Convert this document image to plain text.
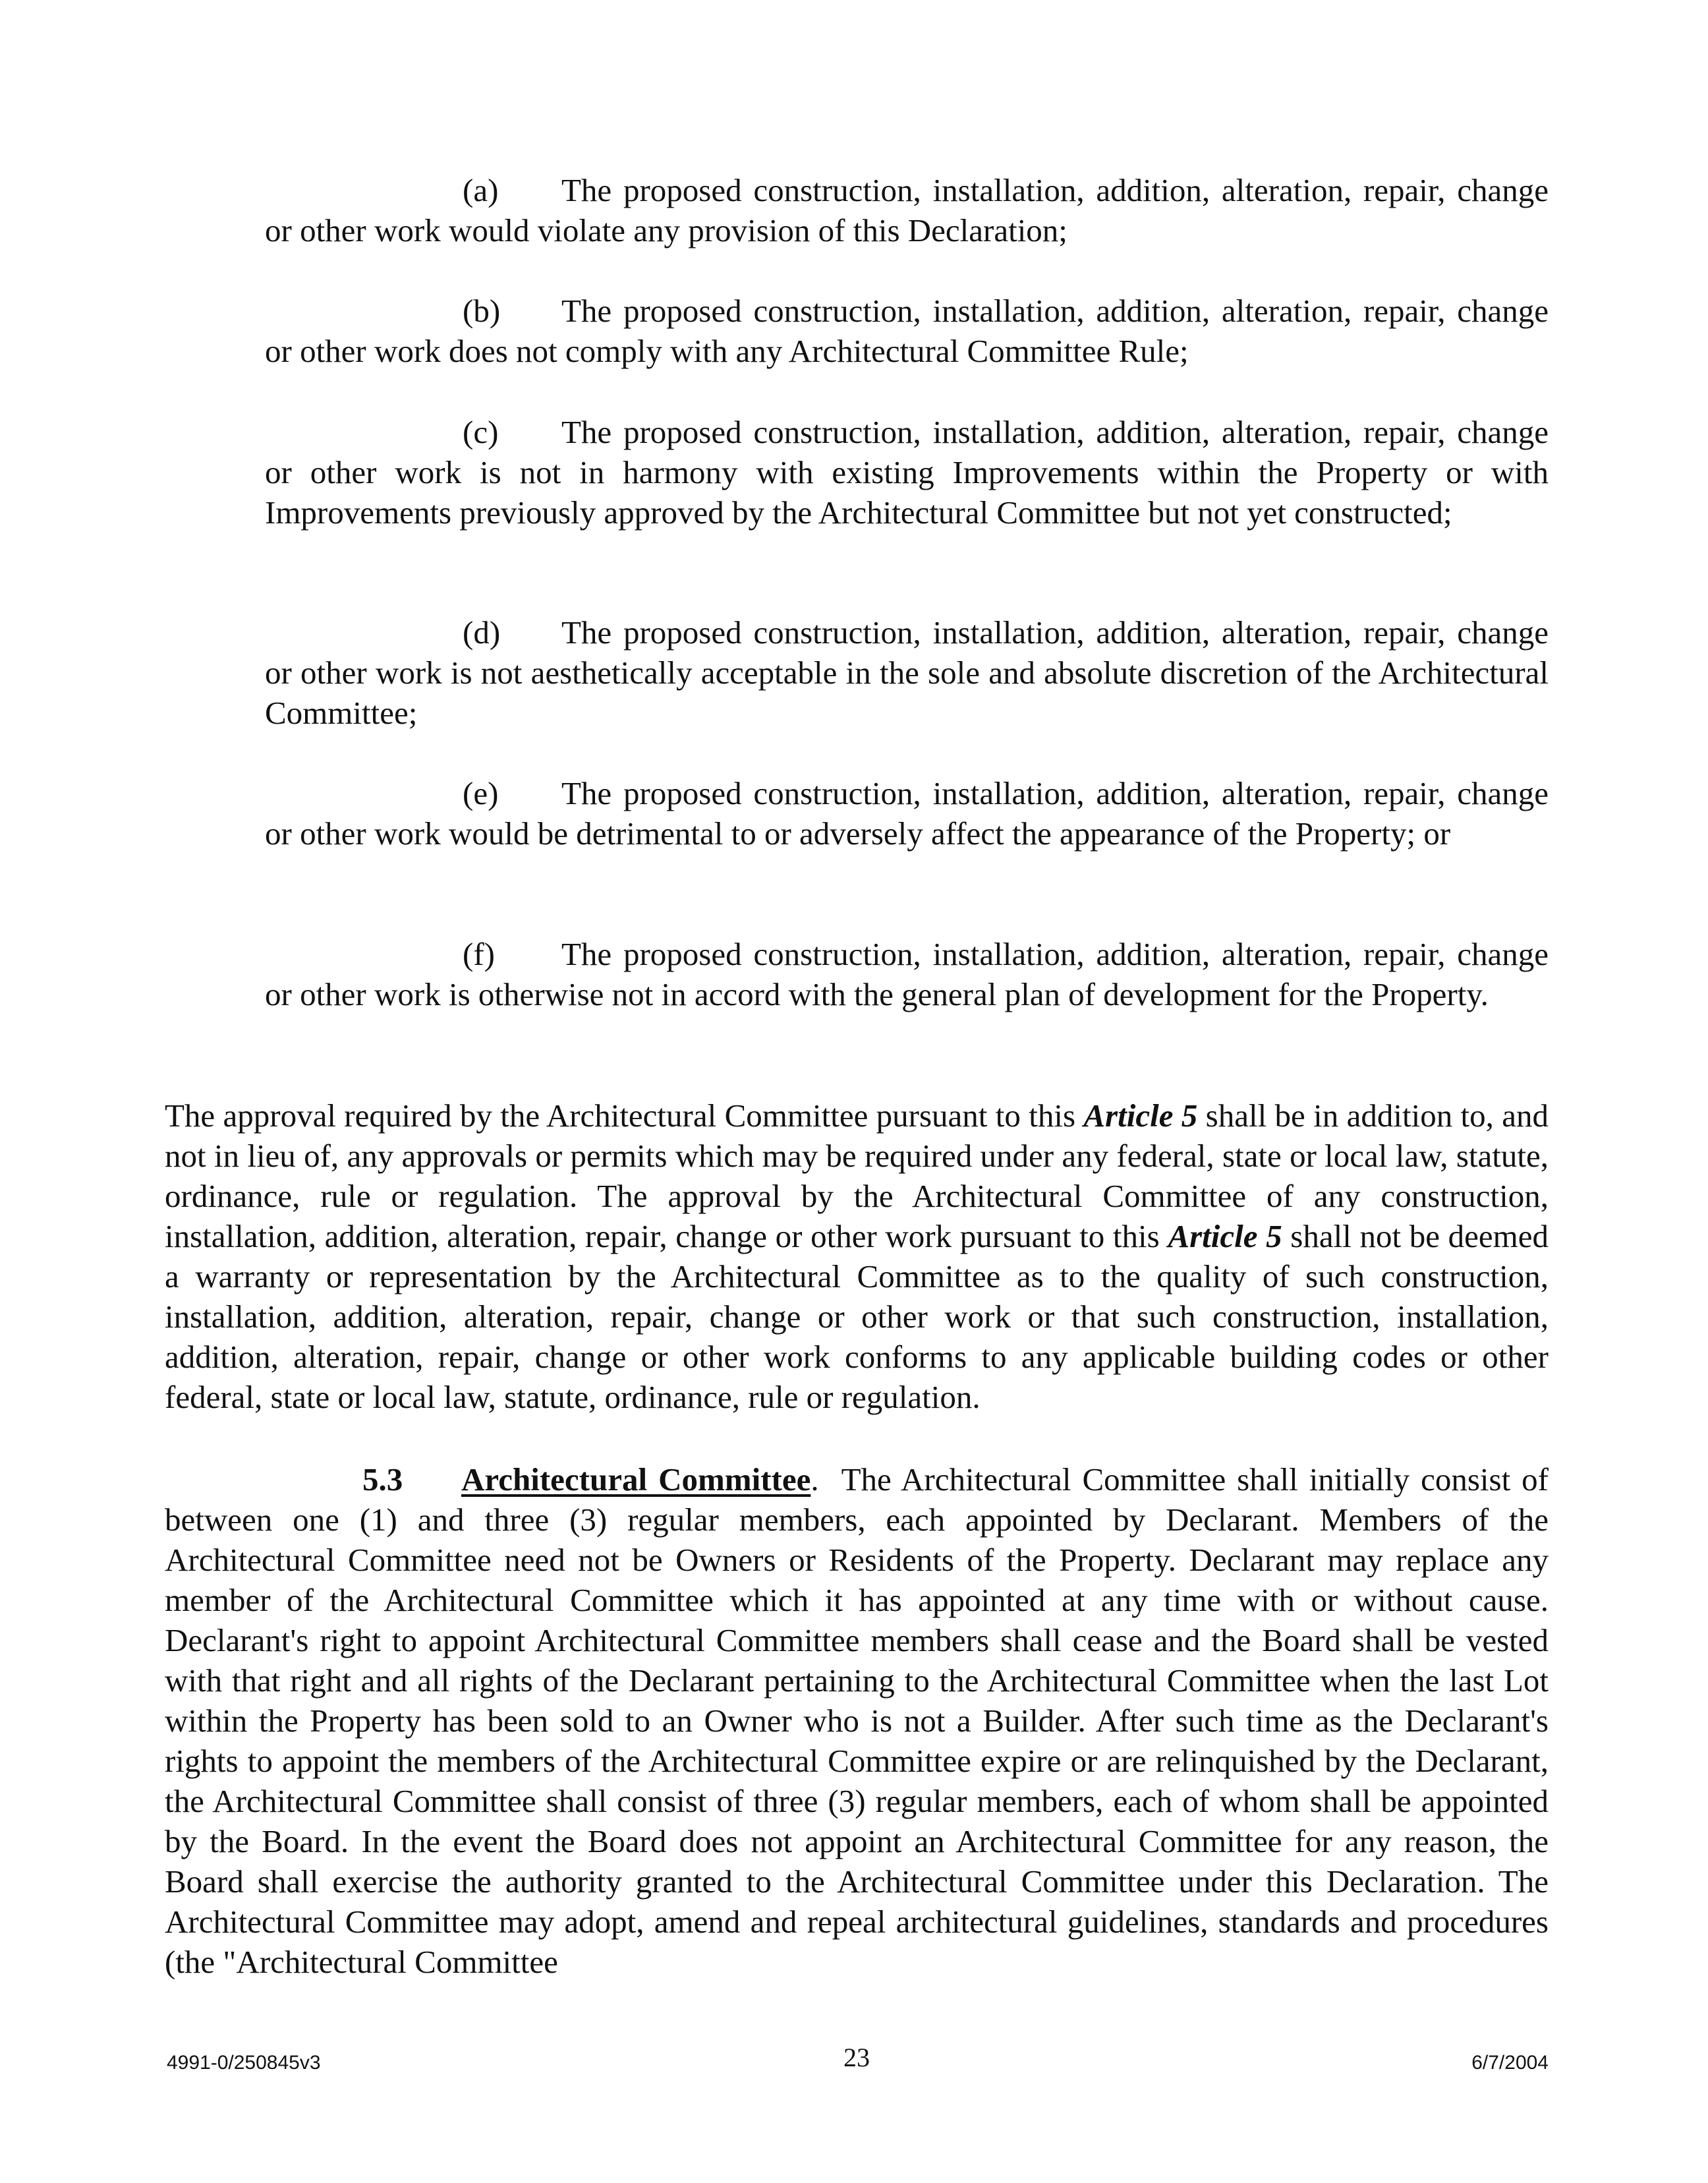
(a) The proposed construction, installation, addition, alteration, repair, change or other work would violate any provision of this Declaration;
(b) The proposed construction, installation, addition, alteration, repair, change or other work does not comply with any Architectural Committee Rule;
(c) The proposed construction, installation, addition, alteration, repair, change or other work is not in harmony with existing Improvements within the Property or with Improvements previously approved by the Architectural Committee but not yet constructed;
(d) The proposed construction, installation, addition, alteration, repair, change or other work is not aesthetically acceptable in the sole and absolute discretion of the Architectural Committee;
(e) The proposed construction, installation, addition, alteration, repair, change or other work would be detrimental to or adversely affect the appearance of the Property; or
(f) The proposed construction, installation, addition, alteration, repair, change or other work is otherwise not in accord with the general plan of development for the Property.
The approval required by the Architectural Committee pursuant to this Article 5 shall be in addition to, and not in lieu of, any approvals or permits which may be required under any federal, state or local law, statute, ordinance, rule or regulation. The approval by the Architectural Committee of any construction, installation, addition, alteration, repair, change or other work pursuant to this Article 5 shall not be deemed a warranty or representation by the Architectural Committee as to the quality of such construction, installation, addition, alteration, repair, change or other work or that such construction, installation, addition, alteration, repair, change or other work conforms to any applicable building codes or other federal, state or local law, statute, ordinance, rule or regulation.
5.3 Architectural Committee. The Architectural Committee shall initially consist of between one (1) and three (3) regular members, each appointed by Declarant. Members of the Architectural Committee need not be Owners or Residents of the Property. Declarant may replace any member of the Architectural Committee which it has appointed at any time with or without cause. Declarant's right to appoint Architectural Committee members shall cease and the Board shall be vested with that right and all rights of the Declarant pertaining to the Architectural Committee when the last Lot within the Property has been sold to an Owner who is not a Builder. After such time as the Declarant's rights to appoint the members of the Architectural Committee expire or are relinquished by the Declarant, the Architectural Committee shall consist of three (3) regular members, each of whom shall be appointed by the Board. In the event the Board does not appoint an Architectural Committee for any reason, the Board shall exercise the authority granted to the Architectural Committee under this Declaration. The Architectural Committee may adopt, amend and repeal architectural guidelines, standards and procedures (the "Architectural Committee
4991-0/250845v3	23	6/7/2004
